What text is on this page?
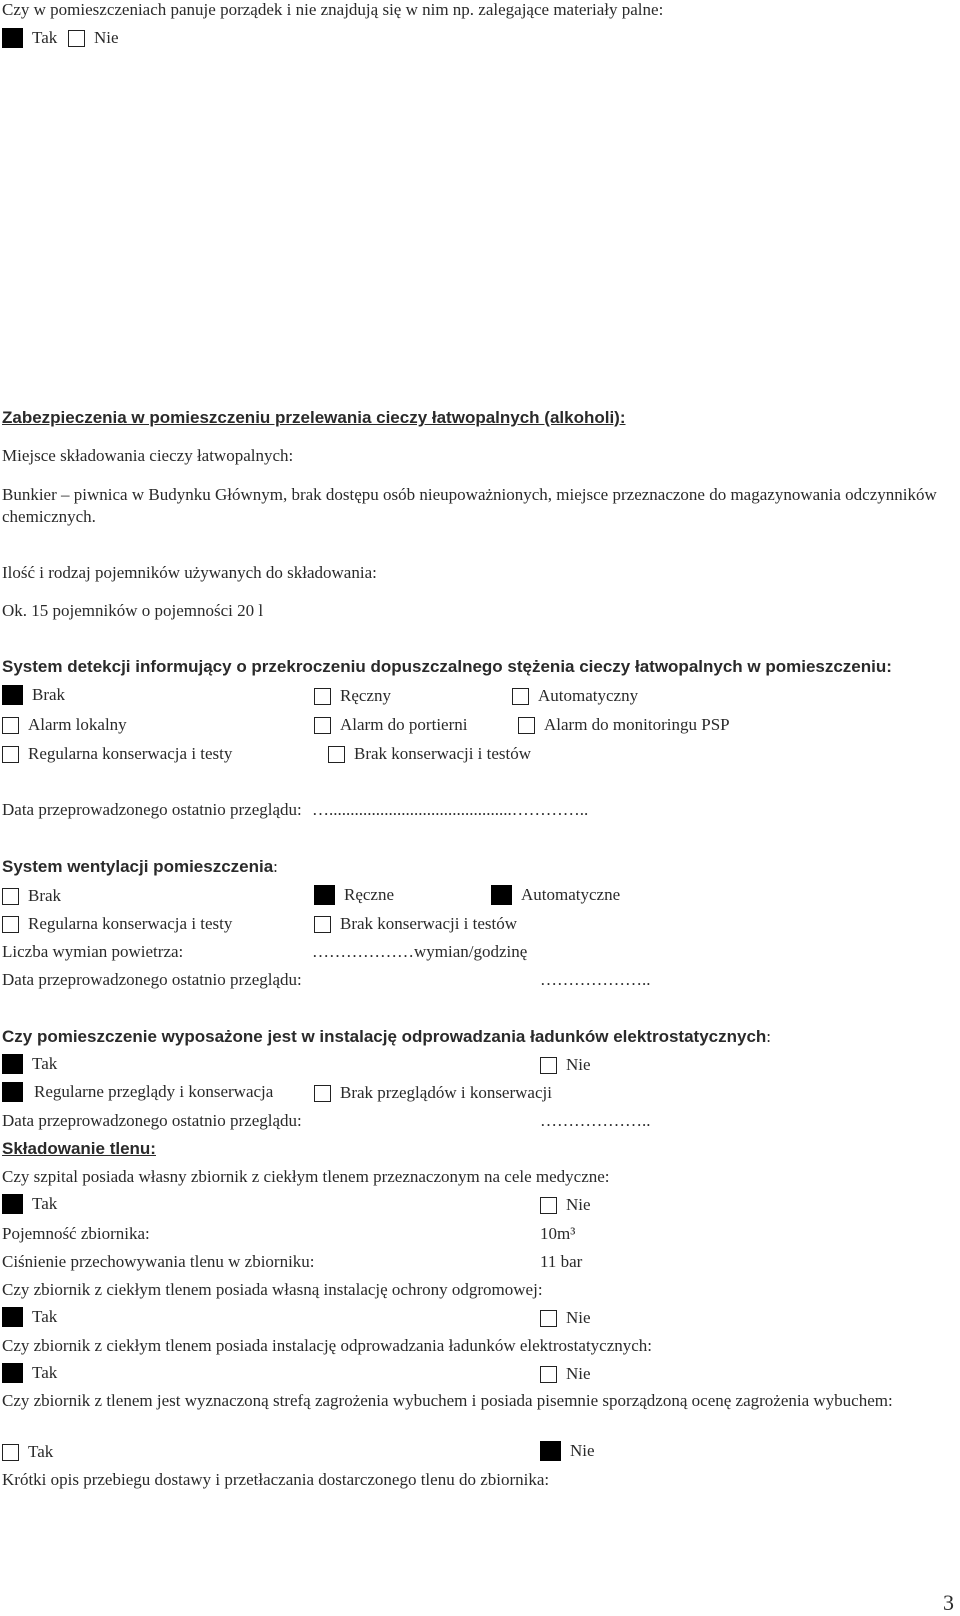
Czy w pomieszczeniach panuje porządek i nie znajdują się w nim np. zalegające materiały palne:
Tak Nie
Zabezpieczenia w pomieszczeniu przelewania cieczy łatwopalnych (alkoholi):
Miejsce składowania cieczy łatwopalnych:
Bunkier – piwnica w Budynku Głównym, brak dostępu osób nieupoważnionych, miejsce przeznaczone do magazynowania odczynników chemicznych.
Ilość i rodzaj pojemników używanych do składowania:
Ok. 15 pojemników o pojemności 20 l
System detekcji informujący o przekroczeniu dopuszczalnego stężenia cieczy łatwopalnych w pomieszczeniu:
Brak	Ręczny	Automatyczny
Alarm lokalny	Alarm do portierni	Alarm do monitoringu PSP
Regularna konserwacja i testy	Brak konserwacji i testów
Data przeprowadzonego ostatnio przeglądu: …...........................................…………..
System wentylacji pomieszczenia:
Brak	Ręczne	Automatyczne
Regularna konserwacja i testy	Brak konserwacji i testów
Liczba wymian powietrza:	………………wymian/godzinę
Data przeprowadzonego ostatnio przeglądu:	………………..
Czy pomieszczenie wyposażone jest w instalację odprowadzania ładunków elektrostatycznych:
Tak	Nie
Regularne przeglądy i konserwacja	Brak przeglądów i konserwacji
Data przeprowadzonego ostatnio przeglądu:	………………..
Składowanie tlenu:
Czy szpital posiada własny zbiornik z ciekłym tlenem przeznaczonym na cele medyczne:
Tak	Nie
Pojemność zbiornika:	10m³
Ciśnienie przechowywania tlenu w zbiorniku:	11 bar
Czy zbiornik z ciekłym tlenem posiada własną instalację ochrony odgromowej:
Tak	Nie
Czy zbiornik z ciekłym tlenem posiada instalację odprowadzania ładunków elektrostatycznych:
Tak	Nie
Czy zbiornik z tlenem jest wyznaczoną strefą zagrożenia wybuchem i posiada pisemnie sporządzoną ocenę zagrożenia wybuchem:
Tak	Nie
Krótki opis przebiegu dostawy i przetłaczania dostarczonego tlenu do zbiornika:
3
